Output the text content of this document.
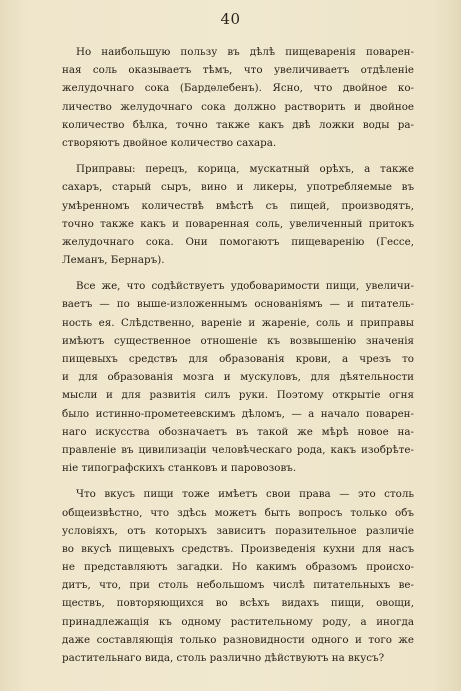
40
Но наибольшую пользу въ дѣлѣ пищеваренія поварен-
ная соль оказываетъ тѣмъ, что увеличиваетъ отдѣленіе
желудочнаго сока (Бардѳлебенъ). Ясно, что двойное ко-
личество желудочнаго сока должно растворить и двойное
количество бѣлка, точно также какъ двѣ ложки воды ра-
створяютъ двойное количество сахара.
Приправы: перецъ, корица, мускатный орѣхъ, а также
сахаръ, старый сыръ, вино и ликеры, употребляемые въ
умѣренномъ количествѣ вмѣстѣ съ пищей, производятъ,
точно также какъ и поваренная соль, увеличенный притокъ
желудочнаго сока. Они помогаютъ пищеваренію (Гессе,
Леманъ, Бернаръ).
Все же, что содѣйствуетъ удобоваримости пищи, увеличи-
ваетъ — по выше-изложеннымъ основаніямъ — и питатель-
ность ея. Слѣдственно, вареніе и жареніе, соль и приправы
имѣютъ существенное отношеніе къ возвышенію значенія
пищевыхъ средствъ для образованія крови, а чрезъ то
и для образованія мозга и мускуловъ, для дѣятельности
мысли и для развитія силъ руки. Поэтому открытіе огня
было истинно-прометеевскимъ дѣломъ, — а начало поварен-
наго искусства обозначаетъ въ такой же мѣрѣ новое на-
правленіе въ цивилизаціи человѣческаго рода, какъ изобрѣте-
ніе типографскихъ станковъ и паровозовъ.
Что вкусъ пищи тоже имѣетъ свои права — это столь
общеизвѣстно, что здѣсь можетъ быть вопросъ только объ
условіяхъ, отъ которыхъ зависитъ поразительное различіе
во вкусѣ пищевыхъ средствъ. Произведенія кухни для насъ
не представляютъ загадки. Но какимъ образомъ происхо-
дитъ, что, при столь небольшомъ числѣ питательныхъ ве-
ществъ, повторяющихся во всѣхъ видахъ пищи, овощи,
принадлежащія къ одному растительному роду, а иногда
даже составляющія только разновидности одного и того же
растительнаго вида, столь различно дѣйствуютъ на вкусъ?
